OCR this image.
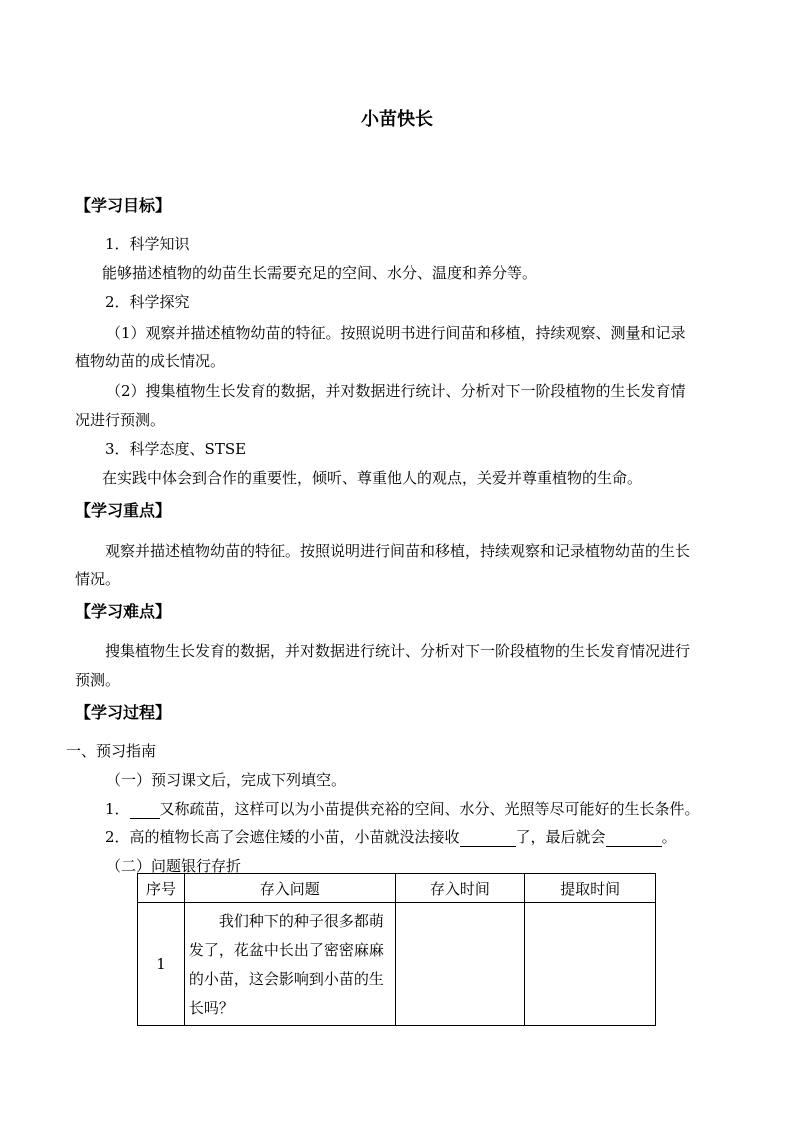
小苗快长
【学习目标】
1．科学知识
能够描述植物的幼苗生长需要充足的空间、水分、温度和养分等。
2．科学探究
（1）观察并描述植物幼苗的特征。按照说明书进行间苗和移植，持续观察、测量和记录
植物幼苗的成长情况。
（2）搜集植物生长发育的数据，并对数据进行统计、分析对下一阶段植物的生长发育情
况进行预测。
3．科学态度、STSE
在实践中体会到合作的重要性，倾听、尊重他人的观点，关爱并尊重植物的生命。
【学习重点】
观察并描述植物幼苗的特征。按照说明进行间苗和移植，持续观察和记录植物幼苗的生长
情况。
【学习难点】
搜集植物生长发育的数据，并对数据进行统计、分析对下一阶段植物的生长发育情况进行
预测。
【学习过程】
一、预习指南
（一）预习课文后，完成下列填空。
1． 又称疏苗，这样可以为小苗提供充裕的空间、水分、光照等尽可能好的生长条件。
2．高的植物长高了会遮住矮的小苗，小苗就没法接收	了，最后就会	。
（二）问题银行存折
序号	存入问题	存入时间	提取时间
1	我们种下的种子很多都萌发了，花盆中长出了密密麻麻的小苗，这会影响到小苗的生长吗？		
